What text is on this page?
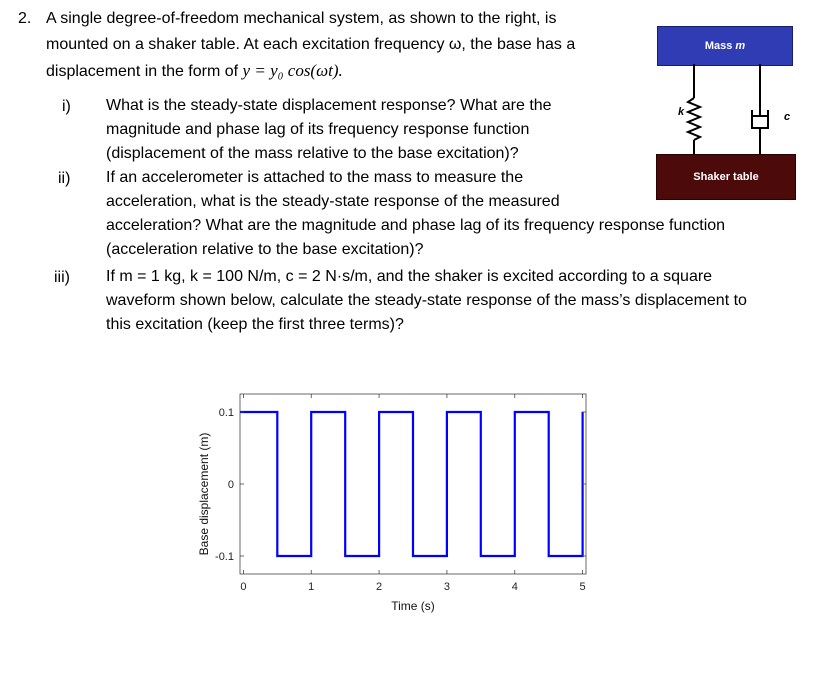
2. A single degree-of-freedom mechanical system, as shown to the right, is
mounted on a shaker table. At each excitation frequency ω, the base has a
displacement in the form of y = y₀ cos(ωt).
i) What is the steady-state displacement response? What are the
magnitude and phase lag of its frequency response function
(displacement of the mass relative to the base excitation)?
ii) If an accelerometer is attached to the mass to measure the
acceleration, what is the steady-state response of the measured
acceleration? What are the magnitude and phase lag of its frequency response function
(acceleration relative to the base excitation)?
iii) If m = 1 kg, k = 100 N/m, c = 2 N·s/m, and the shaker is excited according to a square
waveform shown below, calculate the steady-state response of the mass’s displacement to
this excitation (keep the first three terms)?
Mass m
k	c
Shaker table
0	1	2	3	4	5
-0.1
0
0.1
Time (s)
Base displacement (m)
